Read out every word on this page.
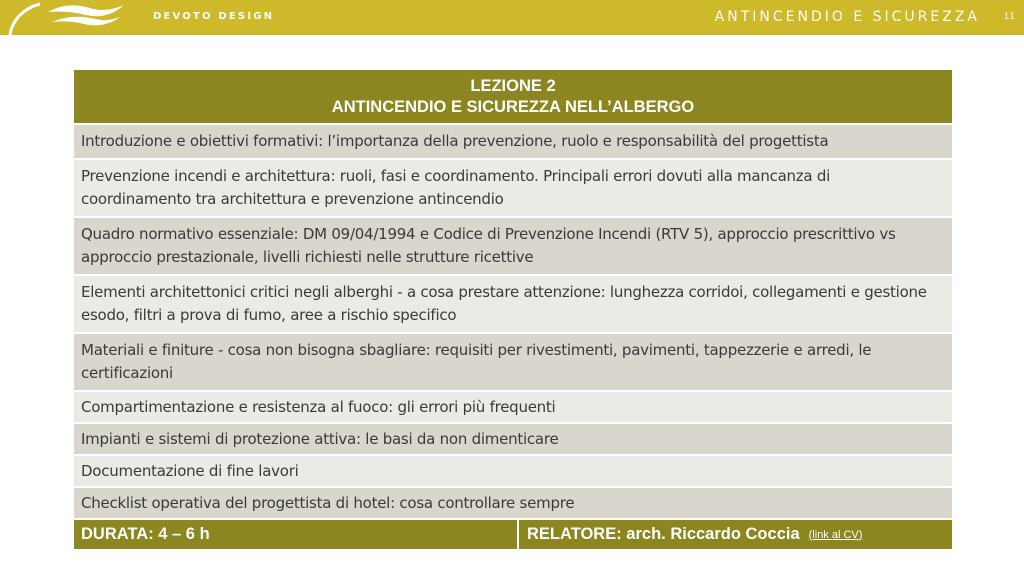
DEVOTO DESIGN	ANTINCENDIO E SICUREZZA	11
LEZIONE 2
ANTINCENDIO E SICUREZZA NELL’ALBERGO
Introduzione e obiettivi formativi: l’importanza della prevenzione, ruolo e responsabilità del progettista
Prevenzione incendi e architettura: ruoli, fasi e coordinamento. Principali errori dovuti alla mancanza di coordinamento tra architettura e prevenzione antincendio
Quadro normativo essenziale: DM 09/04/1994 e Codice di Prevenzione Incendi (RTV 5), approccio prescrittivo vs approccio prestazionale, livelli richiesti nelle strutture ricettive
Elementi architettonici critici negli alberghi - a cosa prestare attenzione: lunghezza corridoi, collegamenti e gestione esodo, filtri a prova di fumo, aree a rischio specifico
Materiali e finiture - cosa non bisogna sbagliare: requisiti per rivestimenti, pavimenti, tappezzerie e arredi, le certificazioni
Compartimentazione e resistenza al fuoco: gli errori più frequenti
Impianti e sistemi di protezione attiva: le basi da non dimenticare
Documentazione di fine lavori
Checklist operativa del progettista di hotel: cosa controllare sempre
DURATA: 4 – 6 h	RELATORE: arch. Riccardo Coccia (link al CV)
